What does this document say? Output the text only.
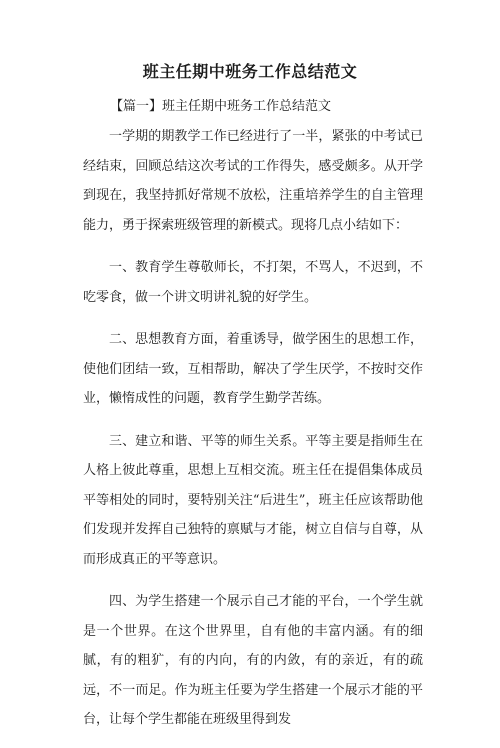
班主任期中班务工作总结范文

【篇一】班主任期中班务工作总结范文

一学期的期教学工作已经进行了一半，紧张的中考试已经结束，回顾总结这次考试的工作得失，感受颇多。从开学到现在，我坚持抓好常规不放松，注重培养学生的自主管理能力，勇于探索班级管理的新模式。现将几点小结如下：

一、教育学生尊敬师长，不打架，不骂人，不迟到，不吃零食，做一个讲文明讲礼貌的好学生。

二、思想教育方面，着重诱导，做学困生的思想工作，使他们团结一致，互相帮助，解决了学生厌学，不按时交作业，懒惰成性的问题，教育学生勤学苦练。

三、建立和谐、平等的师生关系。平等主要是指师生在人格上彼此尊重，思想上互相交流。班主任在提倡集体成员平等相处的同时，要特别关注“后进生”，班主任应该帮助他们发现并发挥自己独特的禀赋与才能，树立自信与自尊，从而形成真正的平等意识。

四、为学生搭建一个展示自己才能的平台，一个学生就是一个世界。在这个世界里，自有他的丰富内涵。有的细腻，有的粗犷，有的内向，有的内敛，有的亲近，有的疏远，不一而足。作为班主任要为学生搭建一个展示才能的平台，让每个学生都能在班级里得到发
